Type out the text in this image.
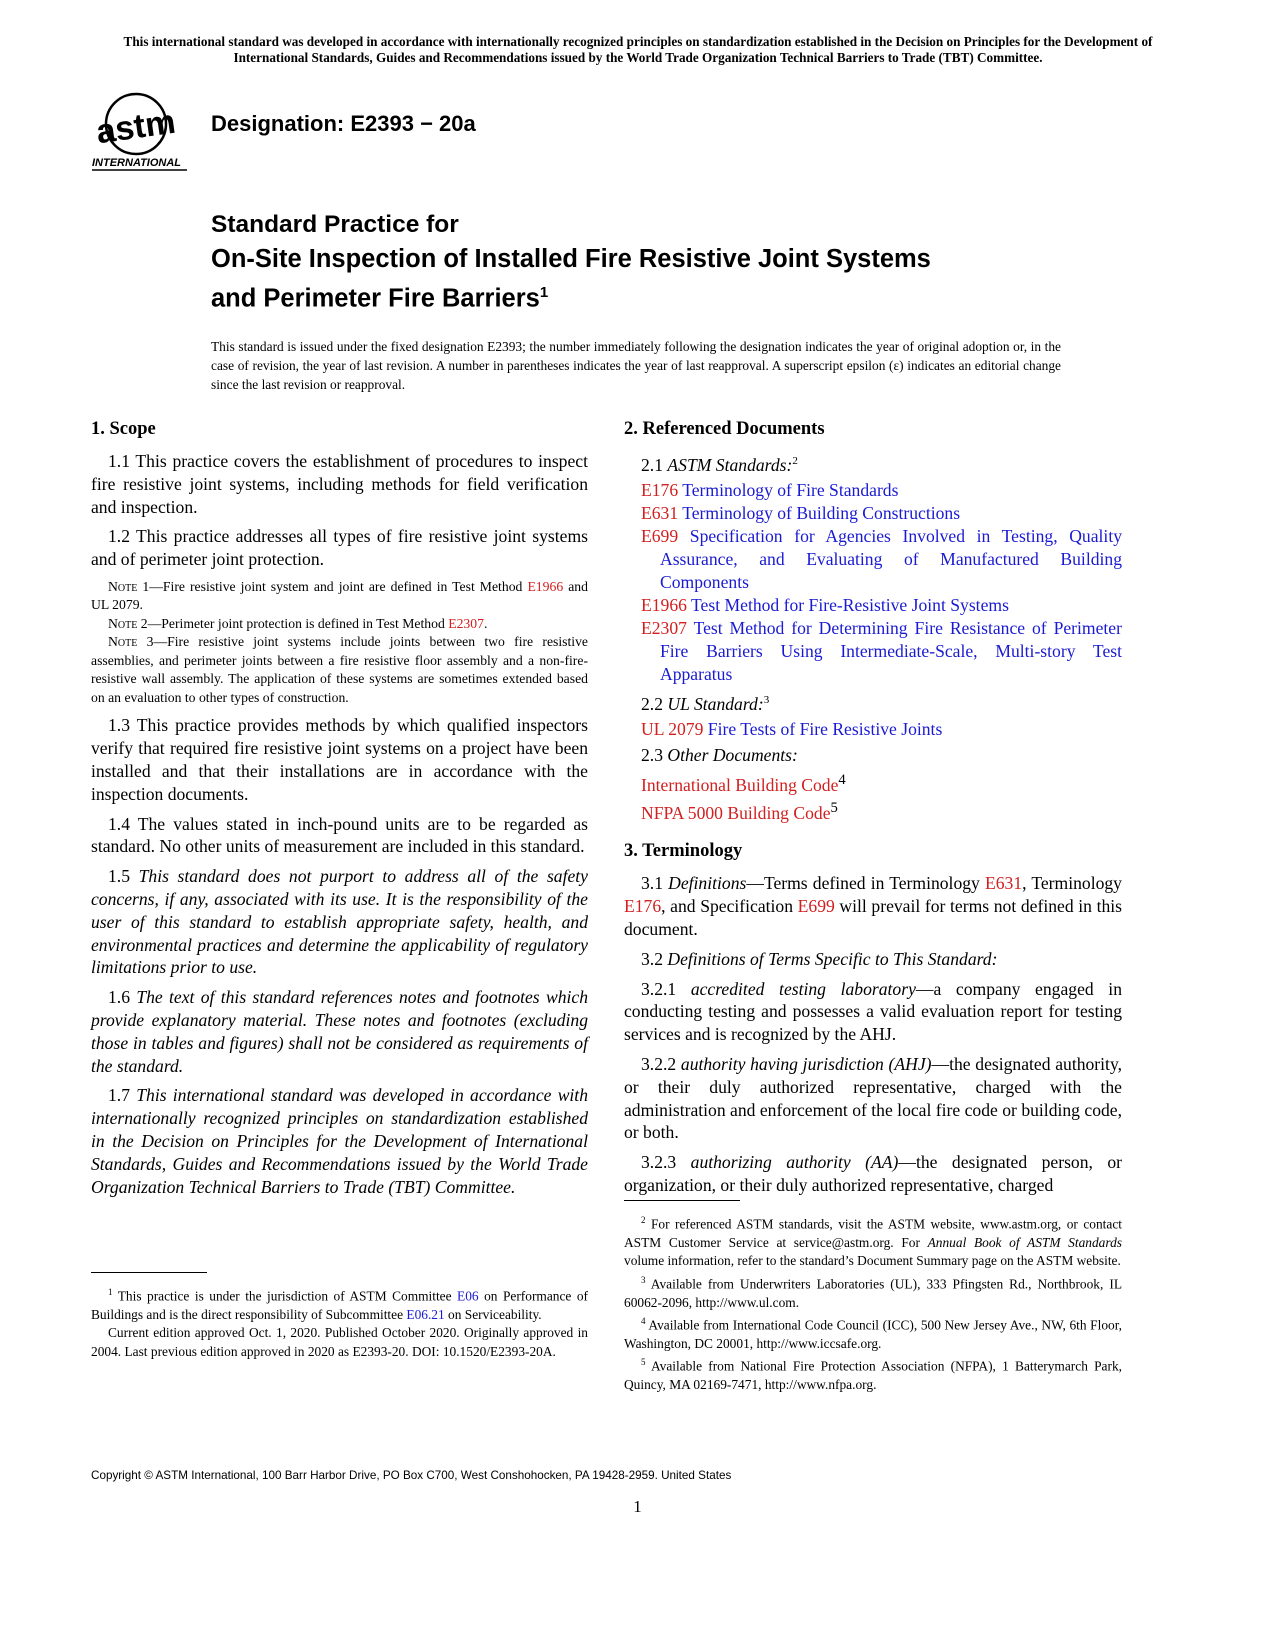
This international standard was developed in accordance with internationally recognized principles on standardization established in the Decision on Principles for the Development of International Standards, Guides and Recommendations issued by the World Trade Organization Technical Barriers to Trade (TBT) Committee.
astm
INTERNATIONAL
Designation: E2393 − 20a
Standard Practice for
On-Site Inspection of Installed Fire Resistive Joint Systems
and Perimeter Fire Barriers$^1$
This standard is issued under the fixed designation E2393; the number immediately following the designation indicates the year of original adoption or, in the case of revision, the year of last revision. A number in parentheses indicates the year of last reapproval. A superscript epsilon (ε) indicates an editorial change since the last revision or reapproval.
1. Scope

1.1 This practice covers the establishment of procedures to inspect fire resistive joint systems, including methods for field verification and inspection.

1.2 This practice addresses all types of fire resistive joint systems and of perimeter joint protection.

Note 1—Fire resistive joint system and joint are defined in Test Method E1966 and UL 2079.

Note 2—Perimeter joint protection is defined in Test Method E2307.

Note 3—Fire resistive joint systems include joints between two fire resistive assemblies, and perimeter joints between a fire resistive floor assembly and a non-fire-resistive wall assembly. The application of these systems are sometimes extended based on an evaluation to other types of construction.

1.3 This practice provides methods by which qualified inspectors verify that required fire resistive joint systems on a project have been installed and that their installations are in accordance with the inspection documents.

1.4 The values stated in inch-pound units are to be regarded as standard. No other units of measurement are included in this standard.

1.5 This standard does not purport to address all of the safety concerns, if any, associated with its use. It is the responsibility of the user of this standard to establish appropriate safety, health, and environmental practices and determine the applicability of regulatory limitations prior to use.

1.6 The text of this standard references notes and footnotes which provide explanatory material. These notes and footnotes (excluding those in tables and figures) shall not be considered as requirements of the standard.

1.7 This international standard was developed in accordance with internationally recognized principles on standardization established in the Decision on Principles for the Development of International Standards, Guides and Recommendations issued by the World Trade Organization Technical Barriers to Trade (TBT) Committee.

$^1$ This practice is under the jurisdiction of ASTM Committee E06 on Performance of Buildings and is the direct responsibility of Subcommittee E06.21 on Serviceability.

Current edition approved Oct. 1, 2020. Published October 2020. Originally approved in 2004. Last previous edition approved in 2020 as E2393-20. DOI: 10.1520/E2393-20A.

2. Referenced Documents
2.1 ASTM Standards:$^2$

E176 Terminology of Fire Standards

E631 Terminology of Building Constructions

E699 Specification for Agencies Involved in Testing, Quality Assurance, and Evaluating of Manufactured Building Components

E1966 Test Method for Fire-Resistive Joint Systems

E2307 Test Method for Determining Fire Resistance of Perimeter Fire Barriers Using Intermediate-Scale, Multi-story Test Apparatus

2.2 UL Standard:$^3$

UL 2079 Fire Tests of Fire Resistive Joints

2.3 Other Documents:

International Building Code$^4$

NFPA 5000 Building Code$^5$

3. Terminology

3.1 Definitions—Terms defined in Terminology E631, Terminology E176, and Specification E699 will prevail for terms not defined in this document.

3.2 Definitions of Terms Specific to This Standard:

3.2.1 accredited testing laboratory—a company engaged in conducting testing and possesses a valid evaluation report for testing services and is recognized by the AHJ.

3.2.2 authority having jurisdiction (AHJ)—the designated authority, or their duly authorized representative, charged with the administration and enforcement of the local fire code or building code, or both.

3.2.3 authorizing authority (AA)—the designated person, or organization, or their duly authorized representative, charged

$^2$ For referenced ASTM standards, visit the ASTM website, www.astm.org, or contact ASTM Customer Service at service@astm.org. For Annual Book of ASTM Standards volume information, refer to the standard’s Document Summary page on the ASTM website.

$^3$ Available from Underwriters Laboratories (UL), 333 Pfingsten Rd., Northbrook, IL 60062-2096, http://www.ul.com.

$^4$ Available from International Code Council (ICC), 500 New Jersey Ave., NW, 6th Floor, Washington, DC 20001, http://www.iccsafe.org.

$^5$ Available from National Fire Protection Association (NFPA), 1 Batterymarch Park, Quincy, MA 02169-7471, http://www.nfpa.org.

Copyright © ASTM International, 100 Barr Harbor Drive, PO Box C700, West Conshohocken, PA 19428-2959. United States
1
